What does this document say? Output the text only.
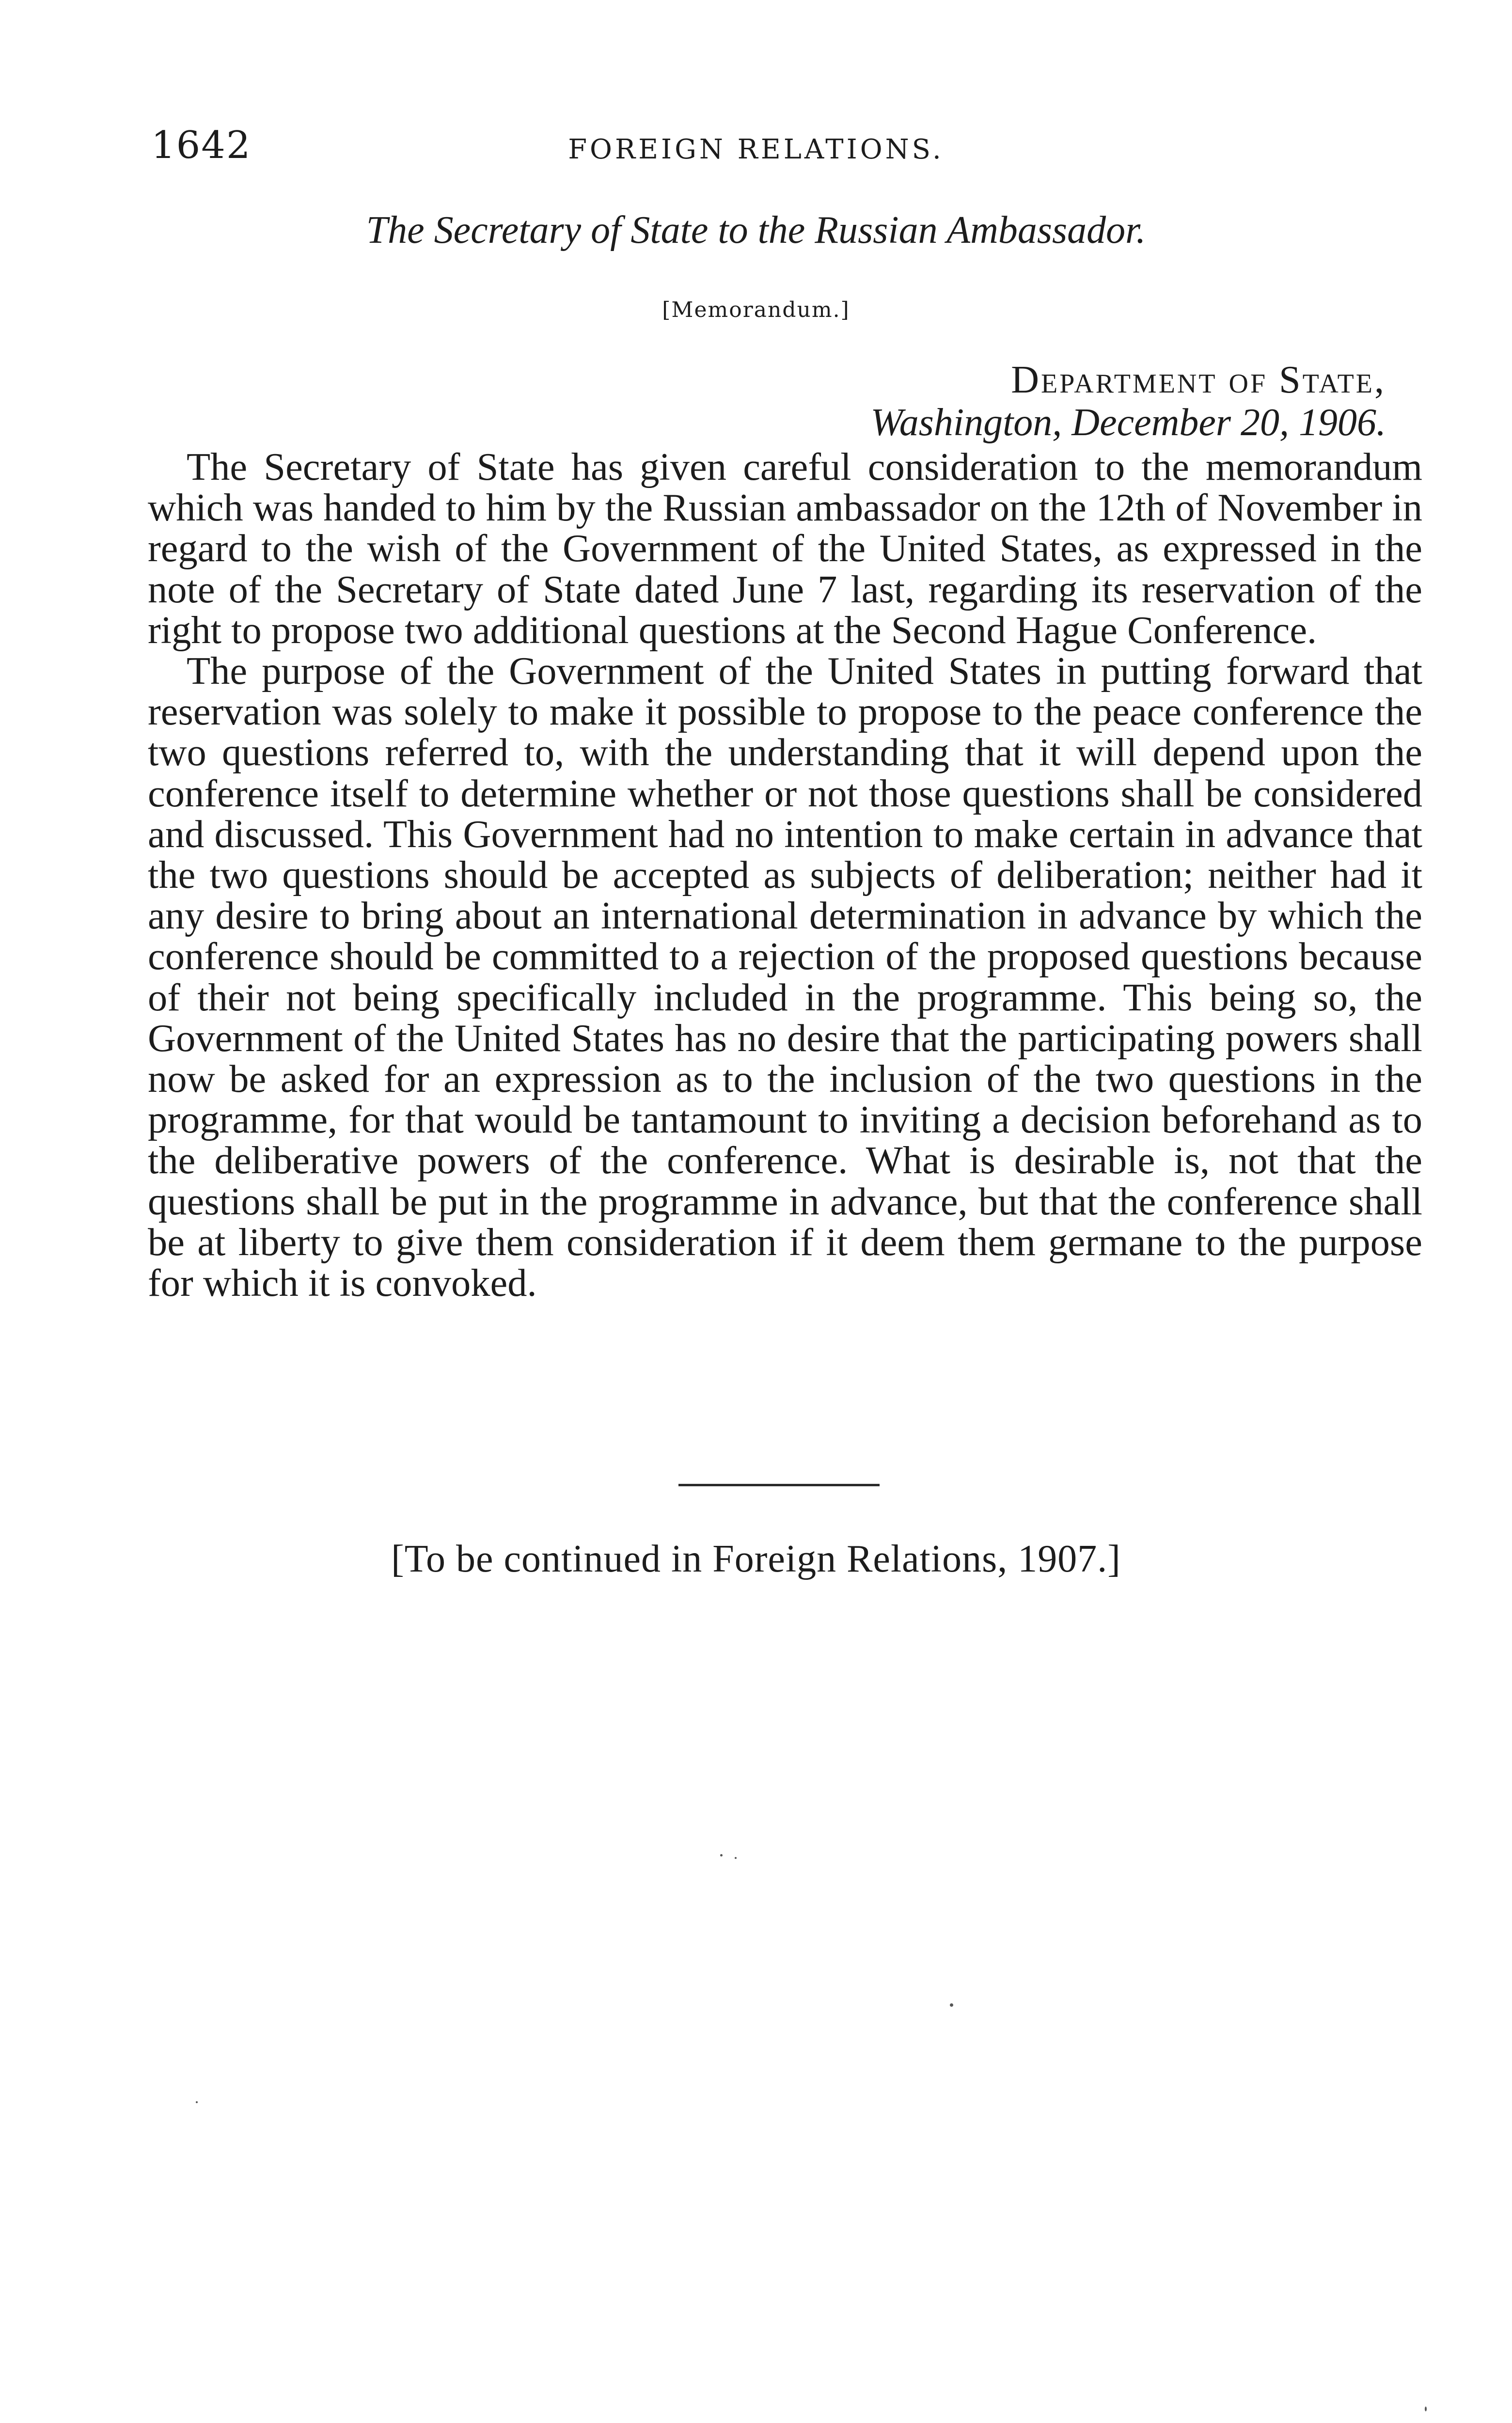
1642	FOREIGN RELATIONS.
The Secretary of State to the Russian Ambassador.
[Memorandum.]
Department of State,
Washington, December 20, 1906.

The Secretary of State has given careful consideration to the memorandum which was handed to him by the Russian ambassador on the 12th of November in regard to the wish of the Government of the United States, as expressed in the note of the Secretary of State dated June 7 last, regarding its reservation of the right to propose two additional questions at the Second Hague Conference.

The purpose of the Government of the United States in putting forward that reservation was solely to make it possible to propose to the peace conference the two questions referred to, with the understanding that it will depend upon the conference itself to determine whether or not those questions shall be considered and discussed. This Government had no intention to make certain in advance that the two questions should be accepted as subjects of deliberation; neither had it any desire to bring about an international determination in advance by which the conference should be committed to a rejection of the proposed questions because of their not being specifically included in the programme. This being so, the Government of the United States has no desire that the participating powers shall now be asked for an expression as to the inclusion of the two questions in the programme, for that would be tantamount to inviting a decision beforehand as to the deliberative powers of the conference. What is desirable is, not that the questions shall be put in the programme in advance, but that the conference shall be at liberty to give them consideration if it deem them germane to the purpose for which it is convoked.

[To be continued in Foreign Relations, 1907.]
